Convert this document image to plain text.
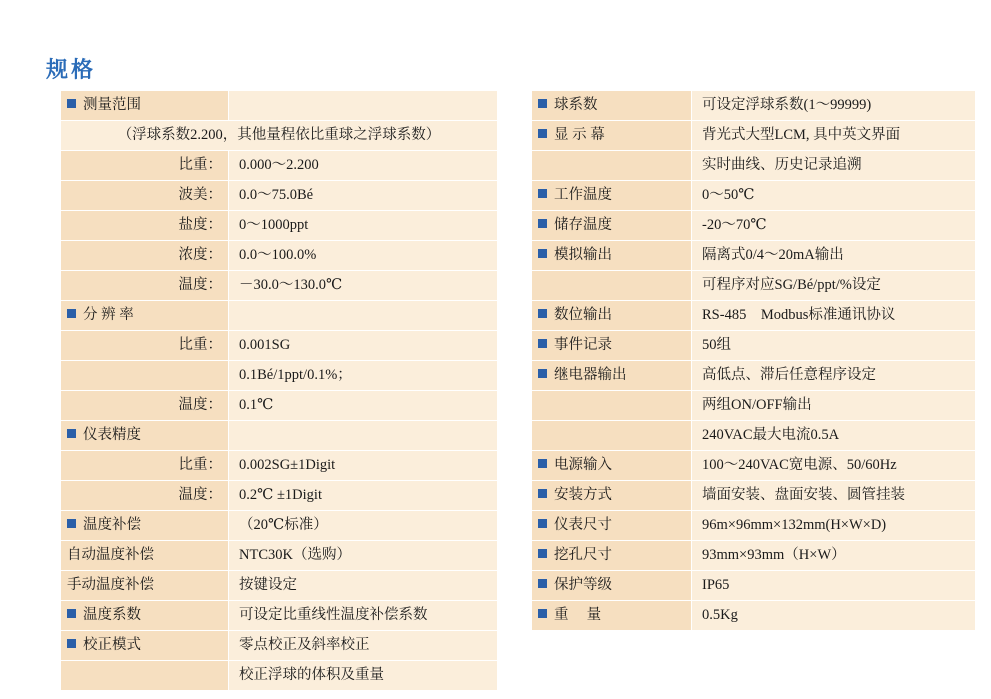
规格
测量范围	
（浮球系数2.200，其他量程依比重球之浮球系数）	
比重：	0.000～2.200
波美：	0.0～75.0Bé
盐度：	0～1000ppt
浓度：	0.0～100.0%
温度：	－30.0～130.0℃
分 辨 率	
比重：	0.001SG
	0.1Bé/1ppt/0.1%；
温度：	0.1℃
仪表精度	
比重：	0.002SG±1Digit
温度：	0.2℃ ±1Digit
温度补偿	（20℃标准）
自动温度补偿	NTC30K（选购）
手动温度补偿	按键设定
温度系数	可设定比重线性温度补偿系数
校正模式	零点校正及斜率校正
	校正浮球的体积及重量
球系数	可设定浮球系数(1～99999)
显 示 幕	背光式大型LCM, 具中英文界面
	实时曲线、历史记录追溯
工作温度	0～50℃
储存温度	-20～70℃
模拟输出	隔离式0/4～20mA输出
	可程序对应SG/Bé/ppt/%设定
数位输出	RS-485　Modbus标准通讯协议
事件记录	50组
继电器输出	高低点、滞后任意程序设定
	两组ON/OFF输出
	240VAC最大电流0.5A
电源输入	100～240VAC宽电源、50/60Hz
安装方式	墙面安装、盘面安装、圆管挂装
仪表尺寸	96m×96mm×132mm(H×W×D)
挖孔尺寸	93mm×93mm（H×W）
保护等级	IP65
重　 量	0.5Kg
